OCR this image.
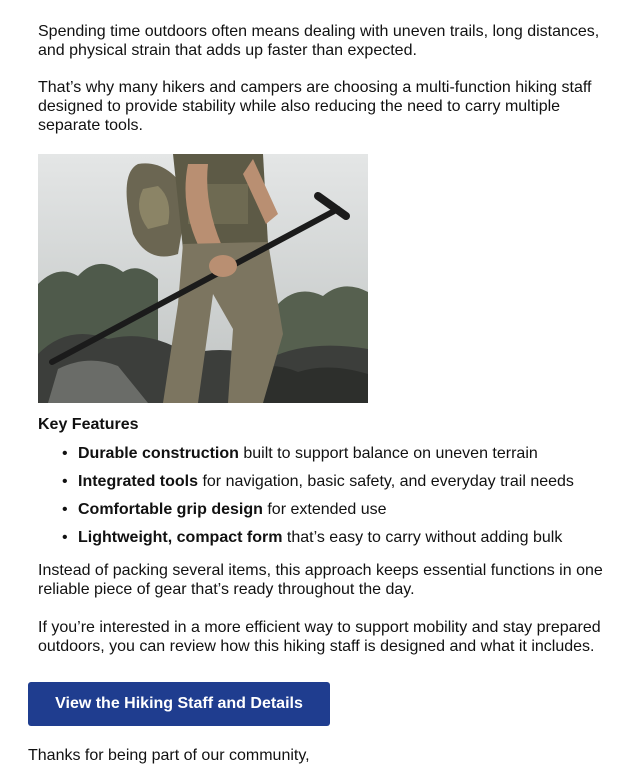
Spending time outdoors often means dealing with uneven trails, long distances, and physical strain that adds up faster than expected.

That’s why many hikers and campers are choosing a multi-function hiking staff designed to provide stability while also reducing the need to carry multiple separate tools.

Key Features
• Durable construction built to support balance on uneven terrain
• Integrated tools for navigation, basic safety, and everyday trail needs
• Comfortable grip design for extended use
• Lightweight, compact form that’s easy to carry without adding bulk

Instead of packing several items, this approach keeps essential functions in one reliable piece of gear that’s ready throughout the day.

If you’re interested in a more efficient way to support mobility and stay prepared outdoors, you can review how this hiking staff is designed and what it includes.

View the Hiking Staff and Details
Thanks for being part of our community,
